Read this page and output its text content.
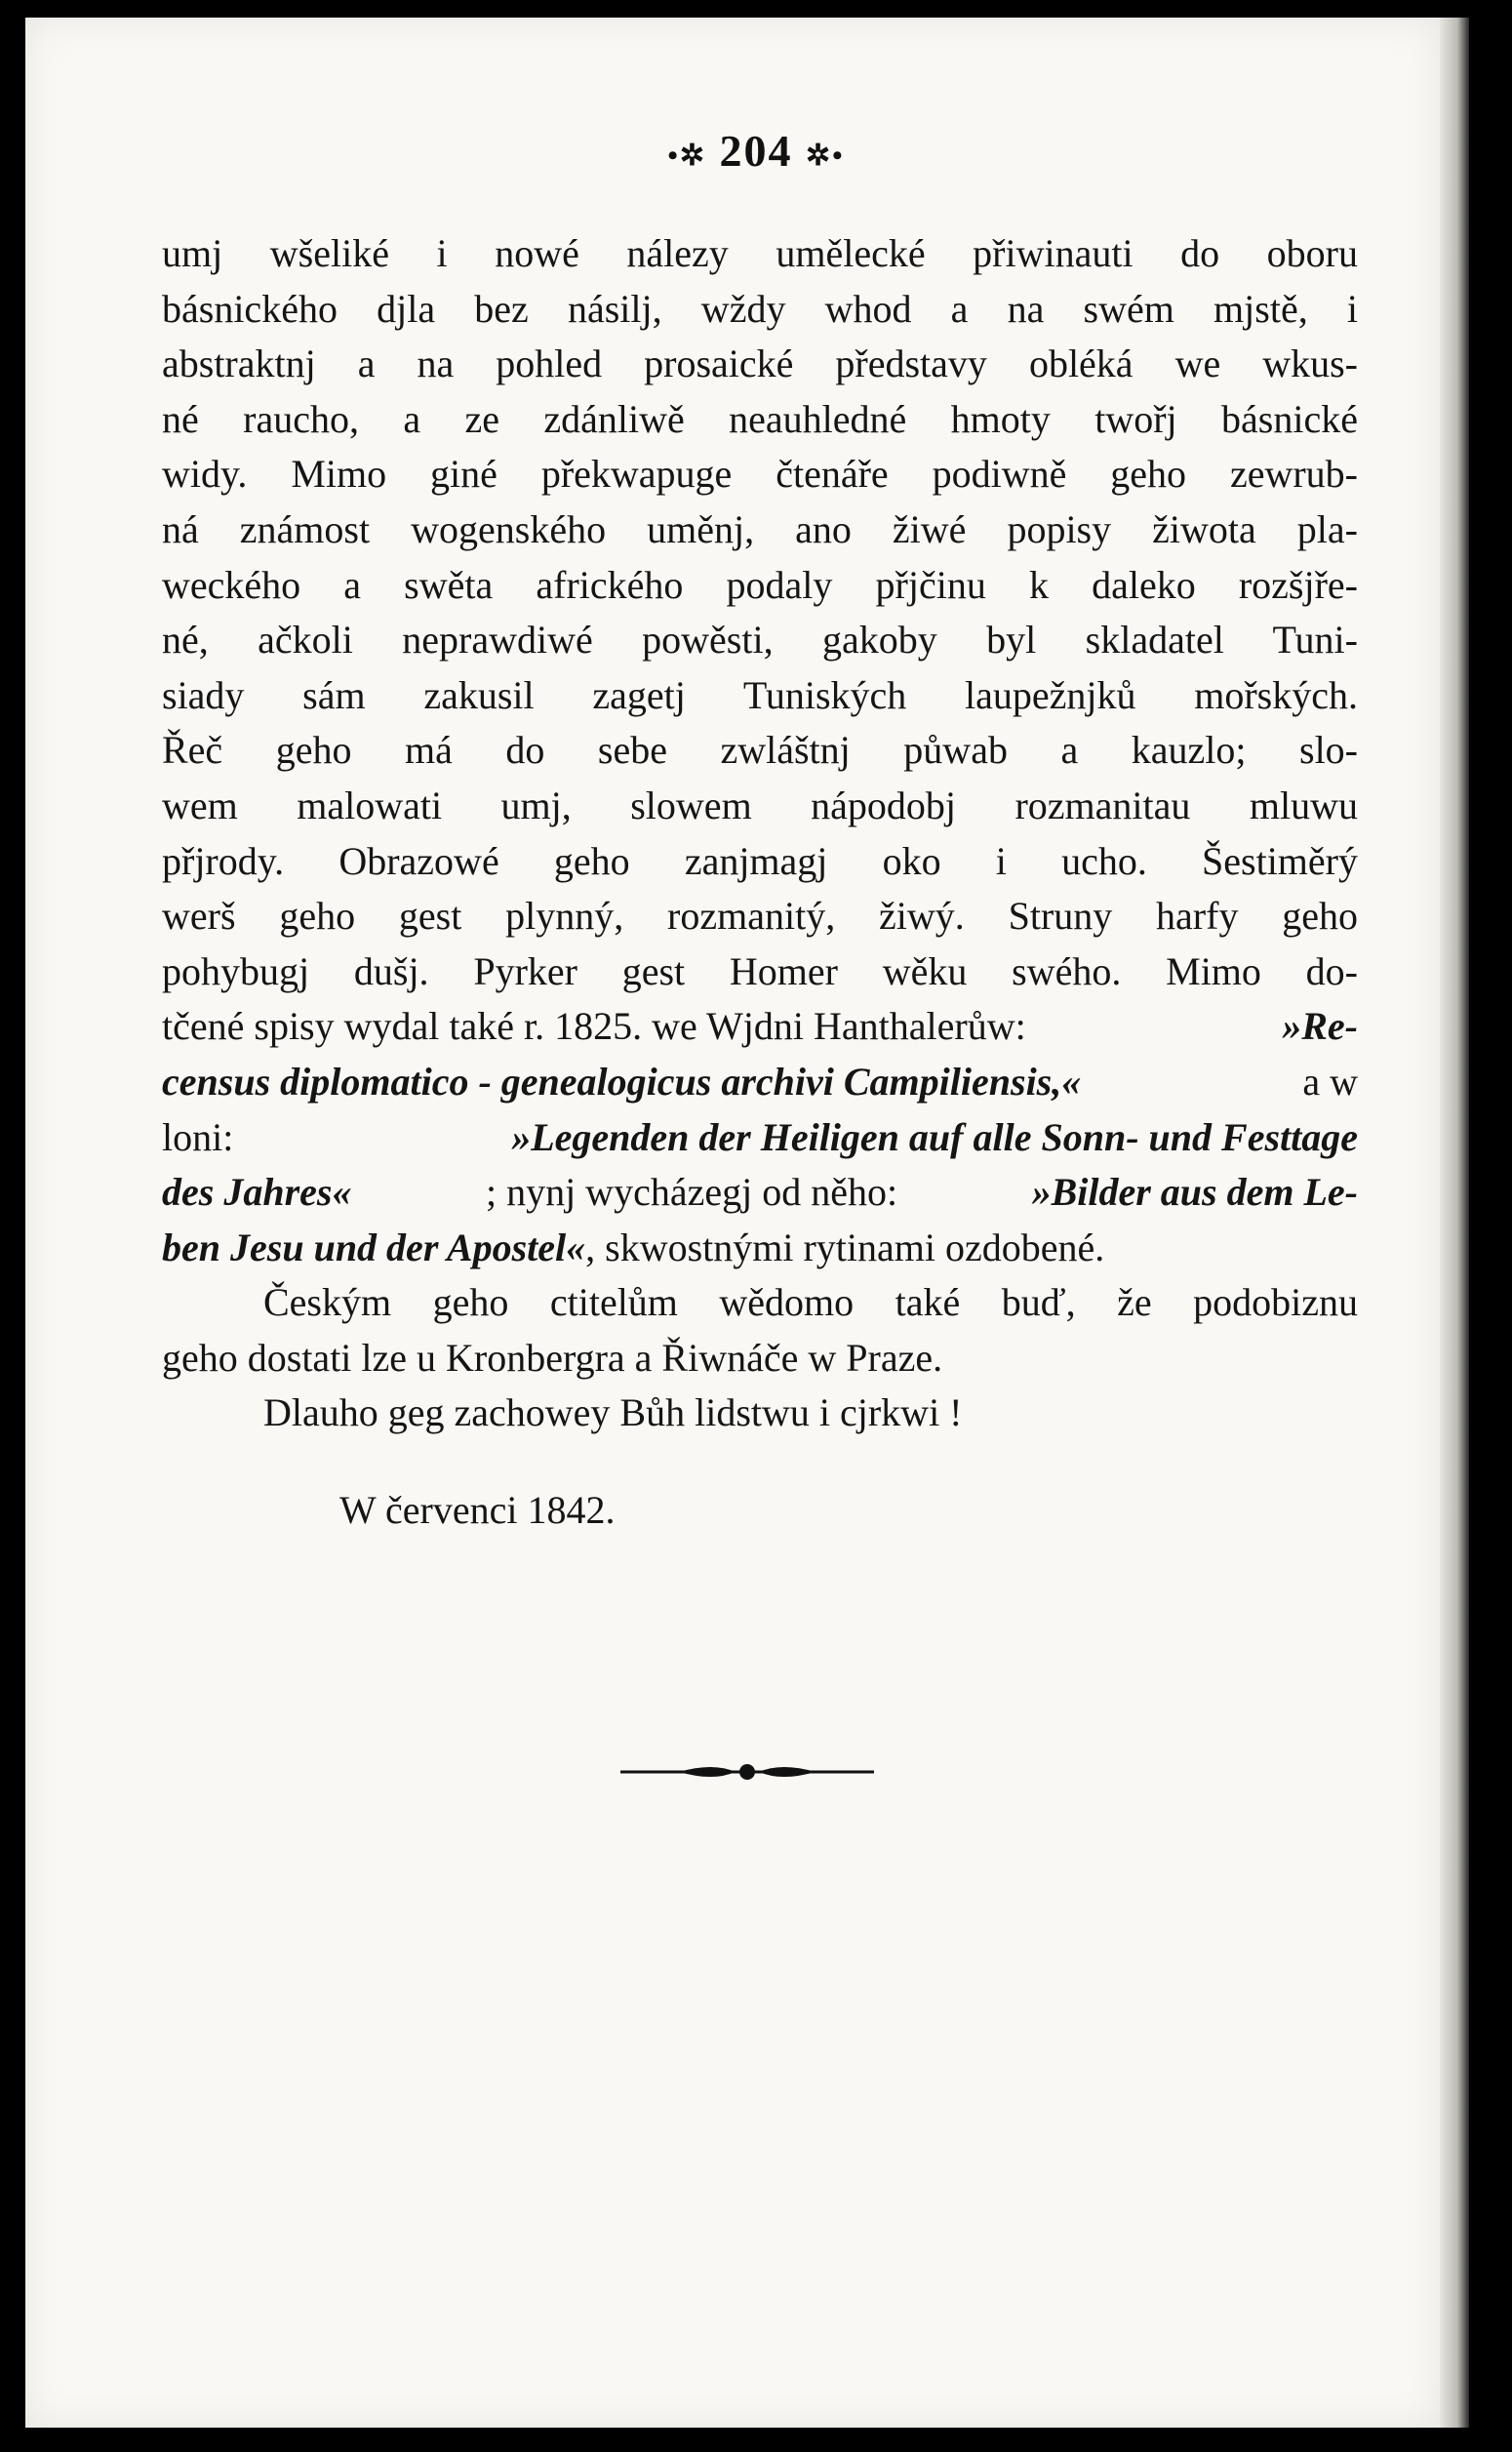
•✲ 204 ✲•
umj wšeliké i nowé nálezy umělecké přiwinauti do oboru
básnického djla bez násilj, wždy whod a na swém mjstě, i
abstraktnj a na pohled prosaické představy obléká we wkus-
né raucho, a ze zdánliwě neauhledné hmoty twořj básnické
widy. Mimo giné překwapuge čtenáře podiwně geho zewrub-
ná známost wogenského uměnj, ano žiwé popisy žiwota pla-
weckého a swěta afrického podaly přjčinu k daleko rozšjře-
né, ačkoli neprawdiwé powěsti, gakoby byl skladatel Tuni-
siady sám zakusil zagetj Tuniských laupežnjků mořských.
Řeč geho má do sebe zwláštnj půwab a kauzlo; slo-
wem malowati umj, slowem nápodobj rozmanitau mluwu
přjrody. Obrazowé geho zanjmagj oko i ucho. Šestiměrý
werš geho gest plynný, rozmanitý, žiwý. Struny harfy geho
pohybugj dušj. Pyrker gest Homer wěku swého. Mimo do-
tčené spisy wydal také r. 1825. we Wjdni Hanthalerůw:	»Re-
census diplomatico - genealogicus archivi Campiliensis,«	a w
loni:	»Legenden der Heiligen auf alle Sonn- und Festtage
des Jahres«	; nynj wycházegj od něho:	»Bilder aus dem Le-
ben Jesu und der Apostel« , skwostnými rytinami ozdobené.
Českým geho ctitelům wědomo také buď, že podobiznu
geho dostati lze u Kronbergra a Řiwnáče w Praze.
Dlauho geg zachowey Bůh lidstwu i cjrkwi !
W červenci 1842.
